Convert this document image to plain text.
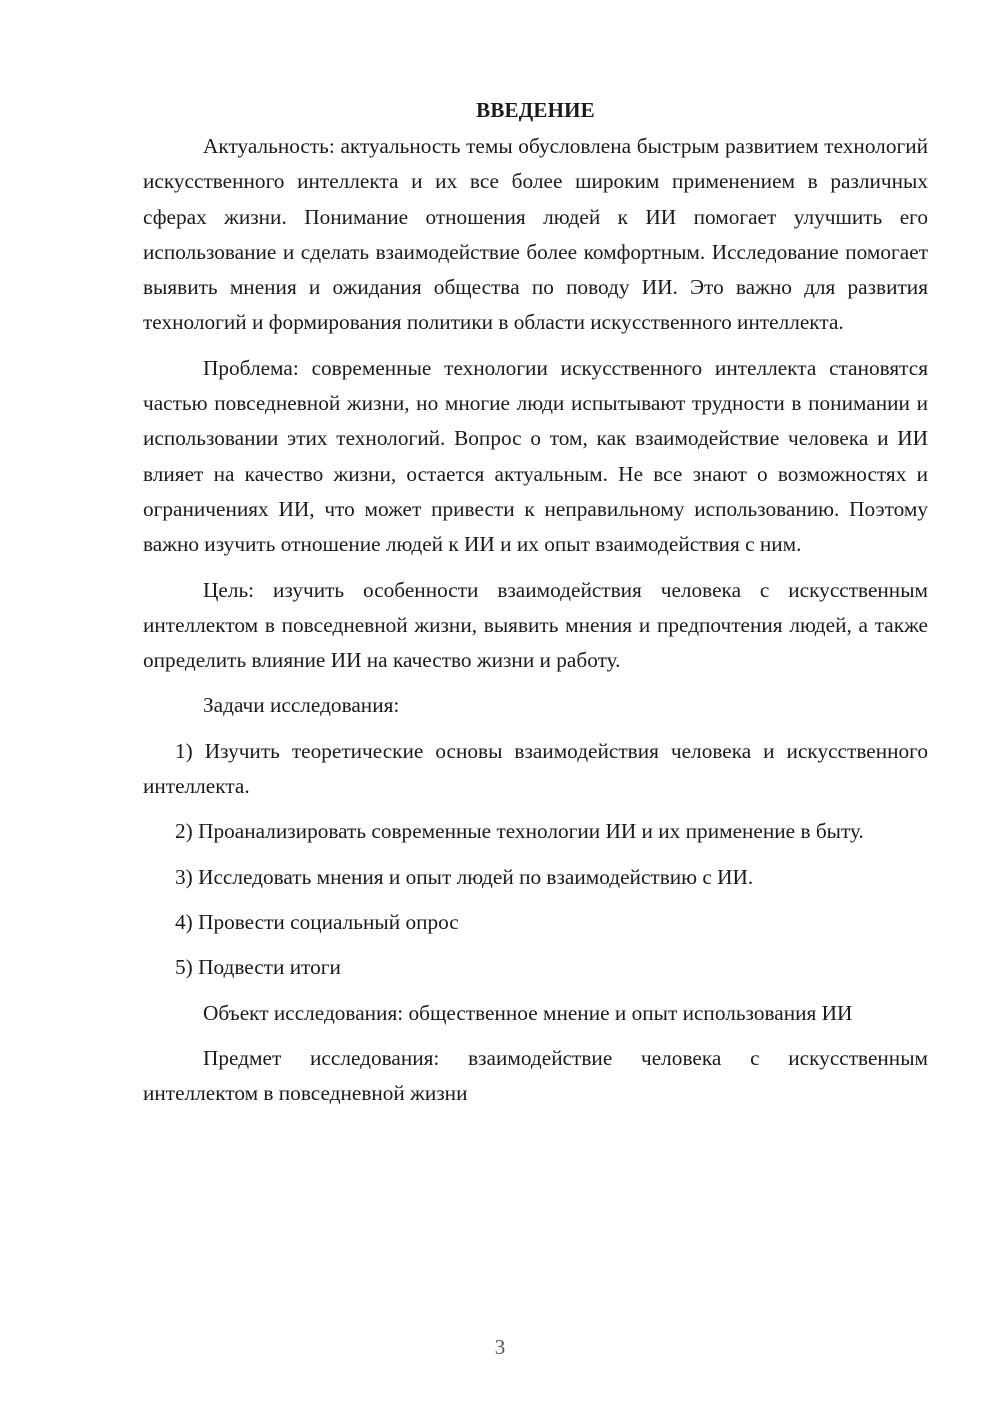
ВВЕДЕНИЕ

Актуальность: актуальность темы обусловлена быстрым развитием технологий искусственного интеллекта и их все более широким применением в различных сферах жизни. Понимание отношения людей к ИИ помогает улучшить его использование и сделать взаимодействие более комфортным. Исследование помогает выявить мнения и ожидания общества по поводу ИИ. Это важно для развития технологий и формирования политики в области искусственного интеллекта.

Проблема: современные технологии искусственного интеллекта становятся частью повседневной жизни, но многие люди испытывают трудности в понимании и использовании этих технологий. Вопрос о том, как взаимодействие человека и ИИ влияет на качество жизни, остается актуальным. Не все знают о возможностях и ограничениях ИИ, что может привести к неправильному использованию. Поэтому важно изучить отношение людей к ИИ и их опыт взаимодействия с ним.

Цель: изучить особенности взаимодействия человека с искусственным интеллектом в повседневной жизни, выявить мнения и предпочтения людей, а также определить влияние ИИ на качество жизни и работу.

Задачи исследования:

1) Изучить теоретические основы взаимодействия человека и искусственного интеллекта.

2) Проанализировать современные технологии ИИ и их применение в быту.

3) Исследовать мнения и опыт людей по взаимодействию с ИИ.

4) Провести социальный опрос

5) Подвести итоги

Объект исследования: общественное мнение и опыт использования ИИ

Предмет исследования: взаимодействие человека с искусственным интеллектом в повседневной жизни

3
